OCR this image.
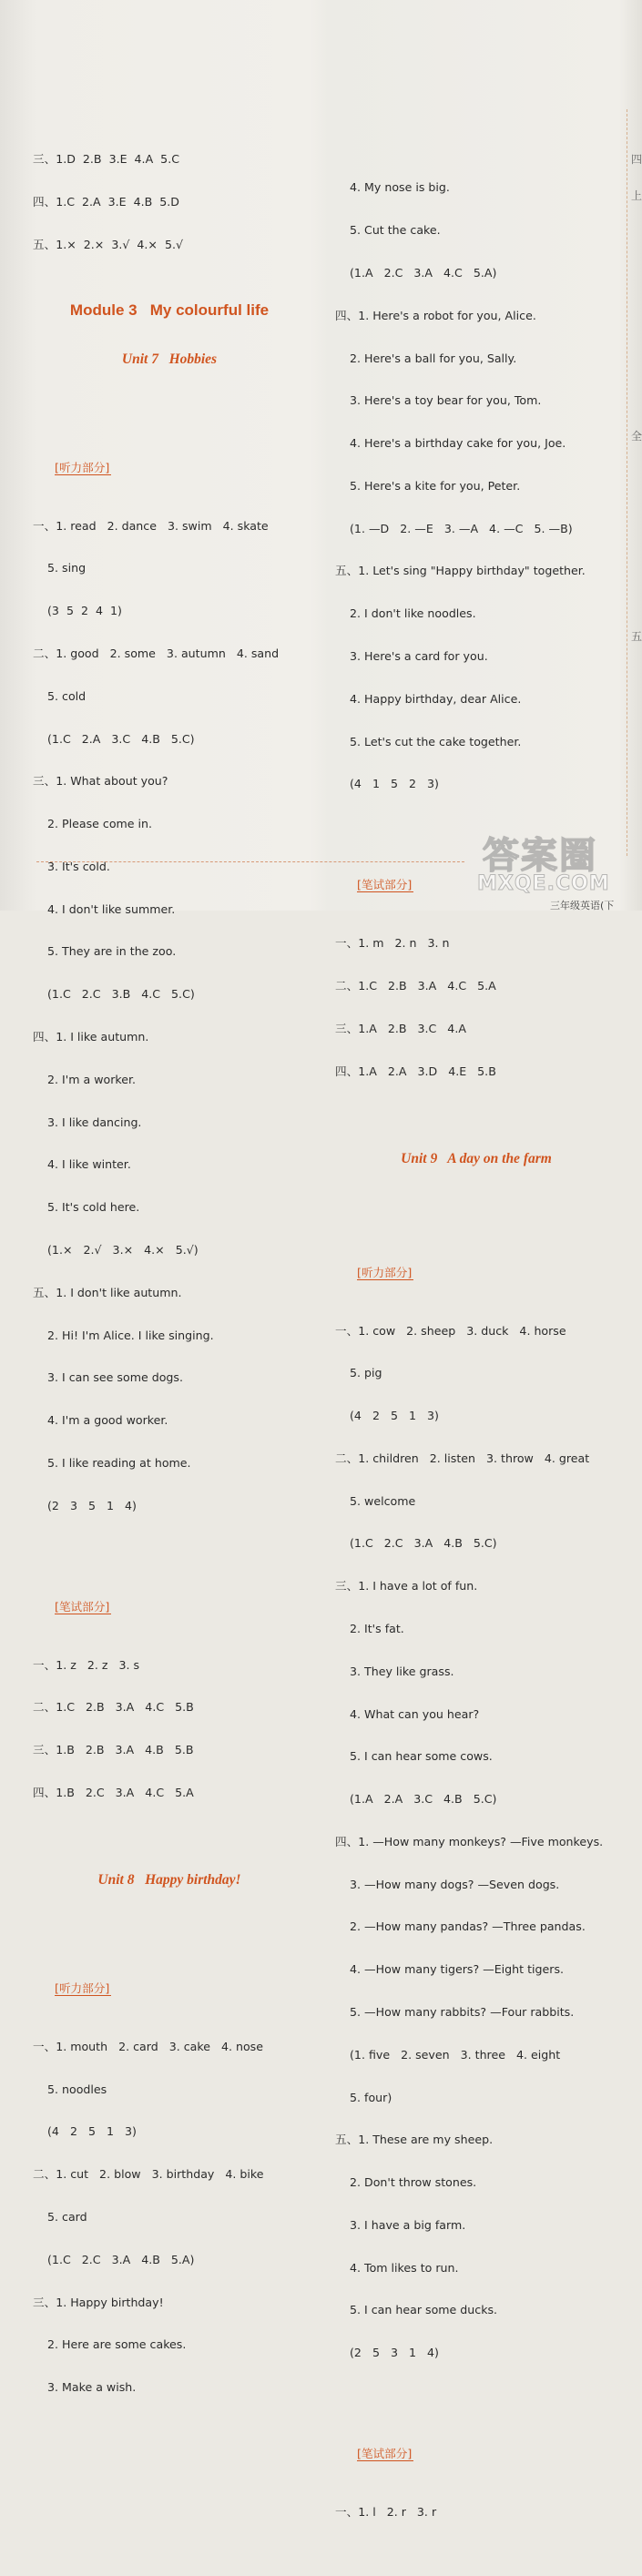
三、1.D  2.B  3.E  4.A  5.C

四、1.C  2.A  3.E  4.B  5.D

五、1.×  2.×  3.√  4.×  5.√

Module 3   My colourful life

Unit 7   Hobbies

[听力部分]

一、1. read   2. dance   3. swim   4. skate

5. sing

(3  5  2  4  1)

二、1. good   2. some   3. autumn   4. sand

5. cold

(1.C   2.A   3.C   4.B   5.C)

三、1. What about you?

2. Please come in.

3. It's cold.

4. I don't like summer.

5. They are in the zoo.

(1.C   2.C   3.B   4.C   5.C)

四、1. I like autumn.

2. I'm a worker.

3. I like dancing.

4. I like winter.

5. It's cold here.

(1.×   2.√   3.×   4.×   5.√)

五、1. I don't like autumn.

2. Hi! I'm Alice. I like singing.

3. I can see some dogs.

4. I'm a good worker.

5. I like reading at home.

(2   3   5   1   4)

[笔试部分]

一、1. z   2. z   3. s

二、1.C   2.B   3.A   4.C   5.B

三、1.B   2.B   3.A   4.B   5.B

四、1.B   2.C   3.A   4.C   5.A

Unit 8   Happy birthday!

[听力部分]

一、1. mouth   2. card   3. cake   4. nose

5. noodles

(4   2   5   1   3)

二、1. cut   2. blow   3. birthday   4. bike

5. card

(1.C   2.C   3.A   4.B   5.A)

三、1. Happy birthday!

2. Here are some cakes.

3. Make a wish.

4. My nose is big.

5. Cut the cake.

(1.A   2.C   3.A   4.C   5.A)

四、1. Here's a robot for you, Alice.

2. Here's a ball for you, Sally.

3. Here's a toy bear for you, Tom.

4. Here's a birthday cake for you, Joe.

5. Here's a kite for you, Peter.

(1. —D   2. —E   3. —A   4. —C   5. —B)

五、1. Let's sing "Happy birthday" together.

2. I don't like noodles.

3. Here's a card for you.

4. Happy birthday, dear Alice.

5. Let's cut the cake together.

(4   1   5   2   3)

[笔试部分]

一、1. m   2. n   3. n

二、1.C   2.B   3.A   4.C   5.A

三、1.A   2.B   3.C   4.A

四、1.A   2.A   3.D   4.E   5.B

Unit 9   A day on the farm

[听力部分]

一、1. cow   2. sheep   3. duck   4. horse

5. pig

(4   2   5   1   3)

二、1. children   2. listen   3. throw   4. great

5. welcome

(1.C   2.C   3.A   4.B   5.C)

三、1. I have a lot of fun.

2. It's fat.

3. They like grass.

4. What can you hear?

5. I can hear some cows.

(1.A   2.A   3.C   4.B   5.C)

四、1. —How many monkeys? —Five monkeys.

3. —How many dogs? —Seven dogs.

2. —How many pandas? —Three pandas.

4. —How many tigers? —Eight tigers.

5. —How many rabbits? —Four rabbits.

(1. five   2. seven   3. three   4. eight

5. four)

五、1. These are my sheep.

2. Don't throw stones.

3. I have a big farm.

4. Tom likes to run.

5. I can hear some ducks.

(2   5   3   1   4)

[笔试部分]

一、1. l   2. r   3. r

四
上
全
五
答案圈
MXQE.COM
三年级英语(下
